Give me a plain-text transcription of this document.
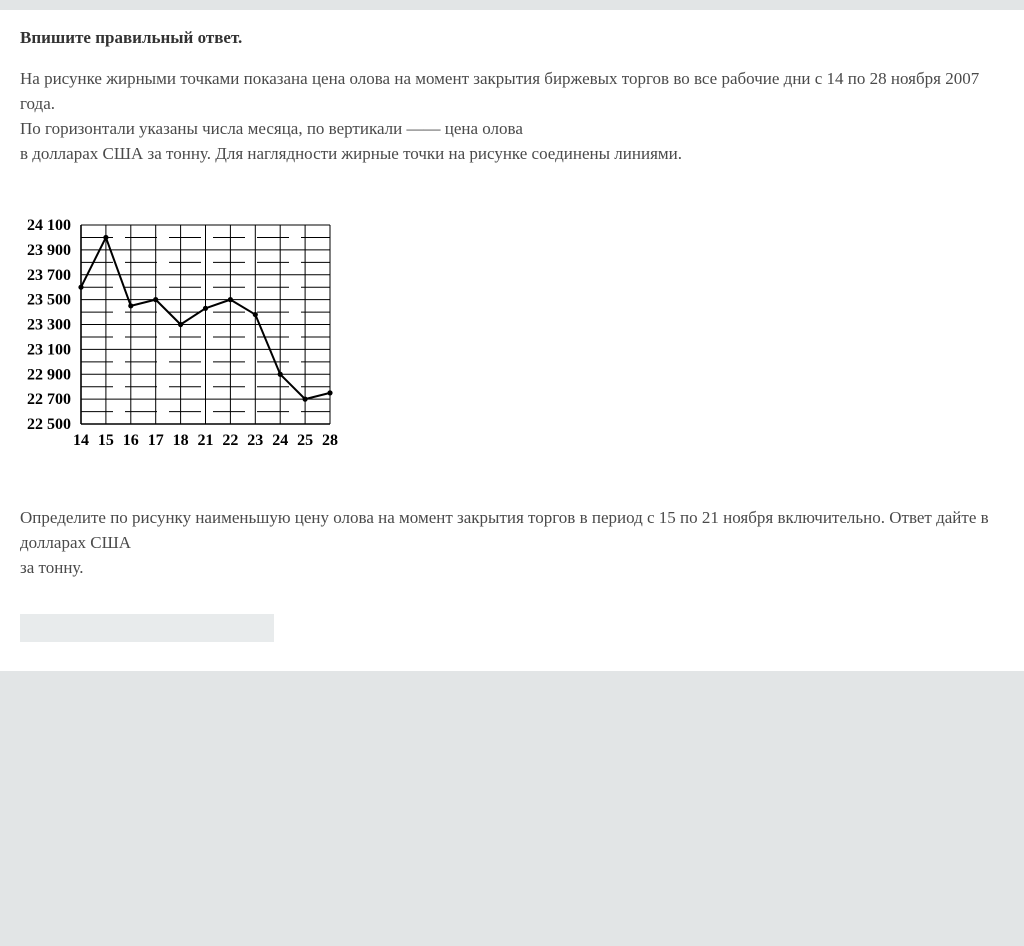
Впишите правильный ответ.

На рисунке жирными точками показана цена олова на момент закрытия биржевых торгов во все рабочие дни с 14 по 28 ноября 2007 года.
По горизонтали указаны числа месяца, по вертикали —— цена олова
в долларах США за тонну. Для наглядности жирные точки на рисунке соединены линиями.

24 100
23 900
23 700
23 500
23 300
23 100
22 900
22 700
22 500
14 15 16 17 18 21 22 23 24 25 28

Определите по рисунку наименьшую цену олова на момент закрытия торгов в период с 15 по 21 ноября включительно. Ответ дайте в долларах США
за тонну.
